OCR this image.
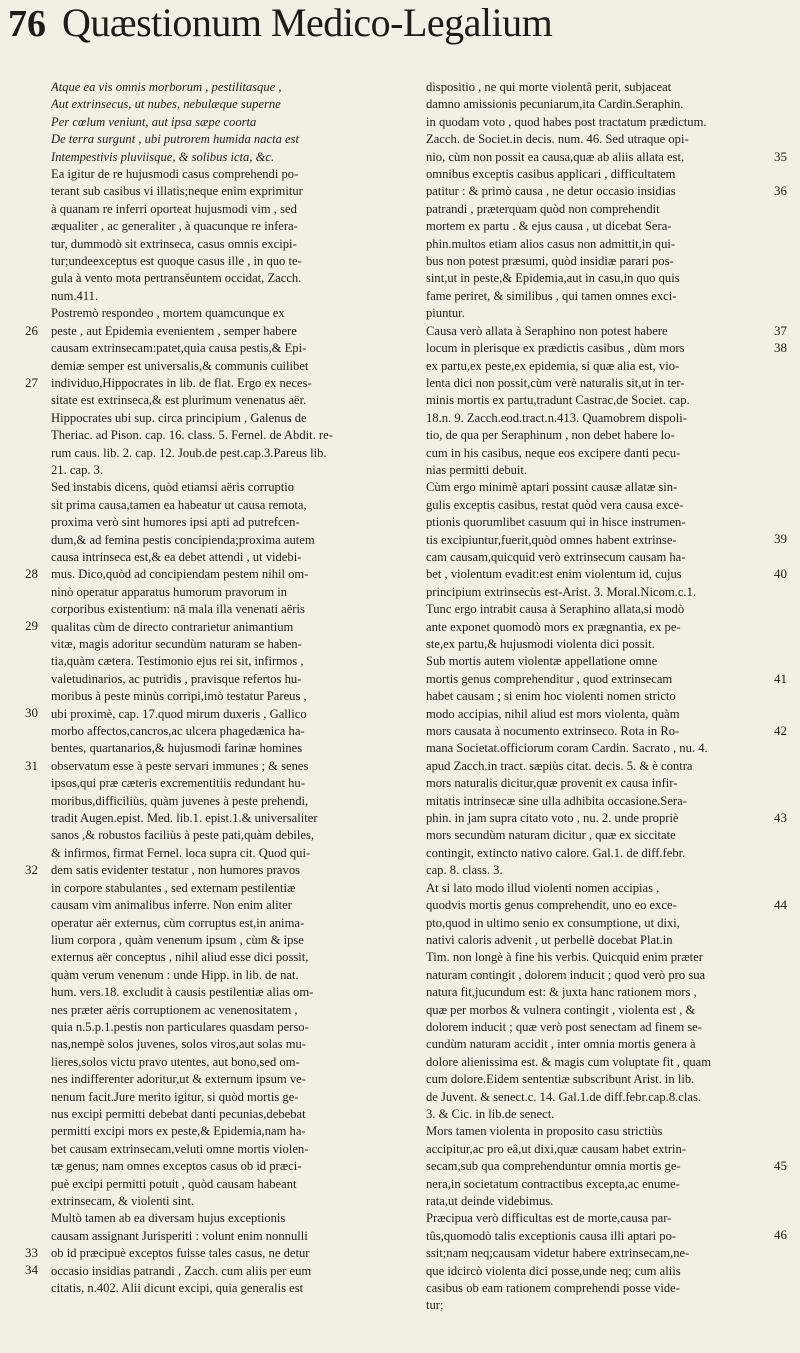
76 Quæstionum Medico-Legalium
Atque ea vis omnis morborum , pestilitasque ,
Aut extrinsecus, ut nubes, nebulæque superne
Per cœlum veniunt, aut ipsa sæpe coorta
De terra surgunt , ubi putrorem humida nacta est
Intempestivis pluviisque, & solibus icta, &c.
Ea igitur de re hujusmodi casus comprehendi po-
terant sub casibus vi illatis;neque enim exprimitur
à quanam re inferri oporteat hujusmodi vim , sed
æqualiter , ac generaliter , à quacunque re infera-
tur, dummodò sit extrinseca, casus omnis excipi-
tur;undeexceptus est quoque casus ille , in quo te-
gula à vento mota pertransĕuntem occidat, Zacch.
num.411.
Postremò respondeo , mortem quamcunque ex
peste , aut Epidemia evenientem , semper habere
causam extrinsecam:patet,quia causa pestis,& Epi-
demiæ semper est universalis,& communis cuilibet
individuo,Hippocrates in lib. de flat. Ergo ex neces-
sitate est extrinseca,& est plurimum venenatus aër.
Hippocrates ubi sup. circa principium , Galenus de
Theriac. ad Pison. cap. 16. class. 5. Fernel. de Abdit. re-
rum caus. lib. 2. cap. 12. Joub.de pest.cap.3.Pareus lib.
21. cap. 3.
Sed instabis dicens, quòd etiamsi aëris corruptio
sit prima causa,tamen ea habeatur ut causa remota,
proxima verò sint humores ipsi apti ad putrefcen-
dum,& ad femina pestis concipienda;proxima autem
causa intrinseca est,& ea debet attendi , ut videbi-
mus. Dico,quòd ad concipiendam pestem nihil om-
ninò operatur apparatus humorum pravorum in
corporibus existentium: nā mala illa venenati aëris
qualitas cùm de directo contrarietur animantium
vitæ, magis adoritur secundùm naturam se haben-
tia,quàm cætera. Testimonio ejus rei sit, infirmos ,
valetudinarios, ac putridis , pravisque refertos hu-
moribus à peste minùs corripi,imò testatur Pareus ,
ubi proximè, cap. 17.quod mirum duxeris , Gallico
morbo affectos,cancros,ac ulcera phagedænica ha-
bentes, quartanarios,& hujusmodi farinæ homines
observatum esse à peste servari immunes ; & senes
ipsos,qui præ cæteris excrementitiis redundant hu-
moribus,difficiliùs, quàm juvenes à peste prehendi,
tradit Augen.epist. Med. lib.1. epist.1.& universaliter
sanos ,& robustos faciliùs à peste pati,quàm debiles,
& infirmos, firmat Fernel. loca supra cit. Quod qui-
dem satis evidenter testatur , non humores pravos
in corpore stabulantes , sed externam pestilentiæ
causam vim animalibus inferre. Non enim aliter
operatur aër externus, cùm corruptus est,in anima-
lium corpora , quàm venenum ipsum , cùm & ipse
externus aër conceptus , nihil aliud esse dici possit,
quàm verum venenum : unde Hipp. in lib. de nat.
hum. vers.18. excludit à causis pestilentiæ alias om-
nes præter aëris corruptionem ac venenositatem ,
quia n.5.p.1.pestis non particulares quasdam perso-
nas,nempè solos juvenes, solos viros,aut solas mu-
lieres,solos victu pravo utentes, aut bono,sed om-
nes indifferenter adoritur,ut & externum ipsum ve-
nenum facit.Jure merito igitur, si quòd mortis ge-
nus excipi permitti debebat danti pecunias,debebat
permitti excipi mors ex peste,& Epidemia,nam ha-
bet causam extrinsecam,veluti omne mortis violen-
tæ genus; nam omnes exceptos casus ob id præci-
puè excipi permitti potuit , quòd causam habeant
extrinsecam, & violenti sint.
Multò tamen ab ea diversam hujus exceptionis
causam assignant Jurisperiti : volunt enim nonnulli
ob id præcipuè exceptos fuisse tales casus, ne detur
occasio insidias patrandi , Zacch. cum aliis per eum
citatis, n.402. Alii dicunt excipi, quia generalis est
dispositio , ne qui morte violentâ perit, subjaceat
damno amissionis pecuniarum,ita Cardin.Seraphin.
in quodam voto , quod habes post tractatum prædictum.
Zacch. de Societ.in decis. num. 46. Sed utraque opi-
nio, cùm non possit ea causa,quæ ab aliis allata est,
omnibus exceptis casibus applicari , difficultatem
patitur : & primò causa , ne detur occasio insidias
patrandi , præterquam quòd non comprehendit
mortem ex partu . & ejus causa , ut dicebat Sera-
phin.multos etiam alios casus non admittit,in qui-
bus non potest præsumi, quòd insidiæ parari pos-
sint,ut in peste,& Epidemia,aut in casu,in quo quis
fame periret, & similibus , qui tamen omnes exci-
piuntur.
Causa verò allata à Seraphino non potest habere
locum in plerisque ex prædictis casibus , dùm mors
ex partu,ex peste,ex epidemia, si quæ alia est, vio-
lenta dici non possit,cùm verè naturalis sit,ut in ter-
minis mortis ex partu,tradunt Castrac,de Societ. cap.
18.n. 9. Zacch.eod.tract.n.413. Quamobrem dispoli-
tio, de qua per Seraphinum , non debet habere lo-
cum in his casibus, neque eos excipere danti pecu-
nias permitti debuit.
Cùm ergo minimè aptari possint causæ allatæ sin-
gulis exceptis casibus, restat quòd vera causa exce-
ptionis quorumlibet casuum qui in hisce instrumen-
tis excipiuntur,fuerit,quòd omnes habent extrinse-
cam causam,quicquid verò extrinsecum causam ha-
bet , violentum evadit:est enim violentum id, cujus
principium extrinsecùs est-Arist. 3. Moral.Nicom.c.1.
Tunc ergo intrabit causa à Seraphino allata,si modò
ante exponet quomodò mors ex prægnantia, ex pe-
ste,ex partu,& hujusmodi violenta dici possit.
Sub mortis autem violentæ appellatione omne
mortis genus comprehenditur , quod extrinsecam
habet causam ; si enim hoc violenti nomen stricto
modo accipias, nihil aliud est mors violenta, quàm
mors causata à nocumento extrinseco. Rota in Ro-
mana Societat.officiorum coram Cardin. Sacrato , nu. 4.
apud Zacch.in tract. sæpiùs citat. decis. 5. & è contra
mors naturalis dicitur,quæ provenit ex causa infir-
mitatis intrinsecæ sine ulla adhibita occasione.Sera-
phin. in jam supra citato voto , nu. 2. unde propriè
mors secundùm naturam dicitur , quæ ex siccitate
contingit, extincto nativo calore. Gal.1. de diff.febr.
cap. 8. class. 3.
At si lato modo illud violenti nomen accipias ,
quodvis mortis genus comprehendit, uno eo exce-
pto,quod in ultimo senio ex consumptione, ut dixi,
nativi caloris advenit , ut perbellè docebat Plat.in
Tim. non longè à fine his verbis. Quicquid enim præter
naturam contingit , dolorem inducit ; quod verò pro sua
natura fit,jucundum est: & juxta hanc rationem mors ,
quæ per morbos & vulnera contingit , violenta est , &
dolorem inducit ; quæ verò post senectam ad finem se-
cundùm naturam accidit , inter omnia mortis genera à
dolore alienissima est. & magis cum voluptate fit , quam
cum dolore.Eidem sententiæ subscribunt Arist. in lib.
de Juvent. & senect.c. 14. Gal.1.de diff.febr.cap.8.clas.
3. & Cic. in lib.de senect.
Mors tamen violenta in proposito casu strictiùs
accipitur,ac pro eâ,ut dixi,quæ causam habet extrin-
secam,sub qua comprehenduntur omnia mortis ge-
nera,in societatum contractibus excepta,ac enume-
rata,ut deinde videbimus.
Præcipua verò difficultas est de morte,causa par-
tûs,quomodò talis exceptionis causa illi aptari po-
ssit;nam neq;causam videtur habere extrinsecam,ne-
que idcircò violenta dici posse,unde neq; cum aliis
casibus ob eam rationem comprehendi posse vide-
tur;
26
27
28
29
30
31
32
33
34
35
36
37
38
39
40
41
42
43
44
45
46
